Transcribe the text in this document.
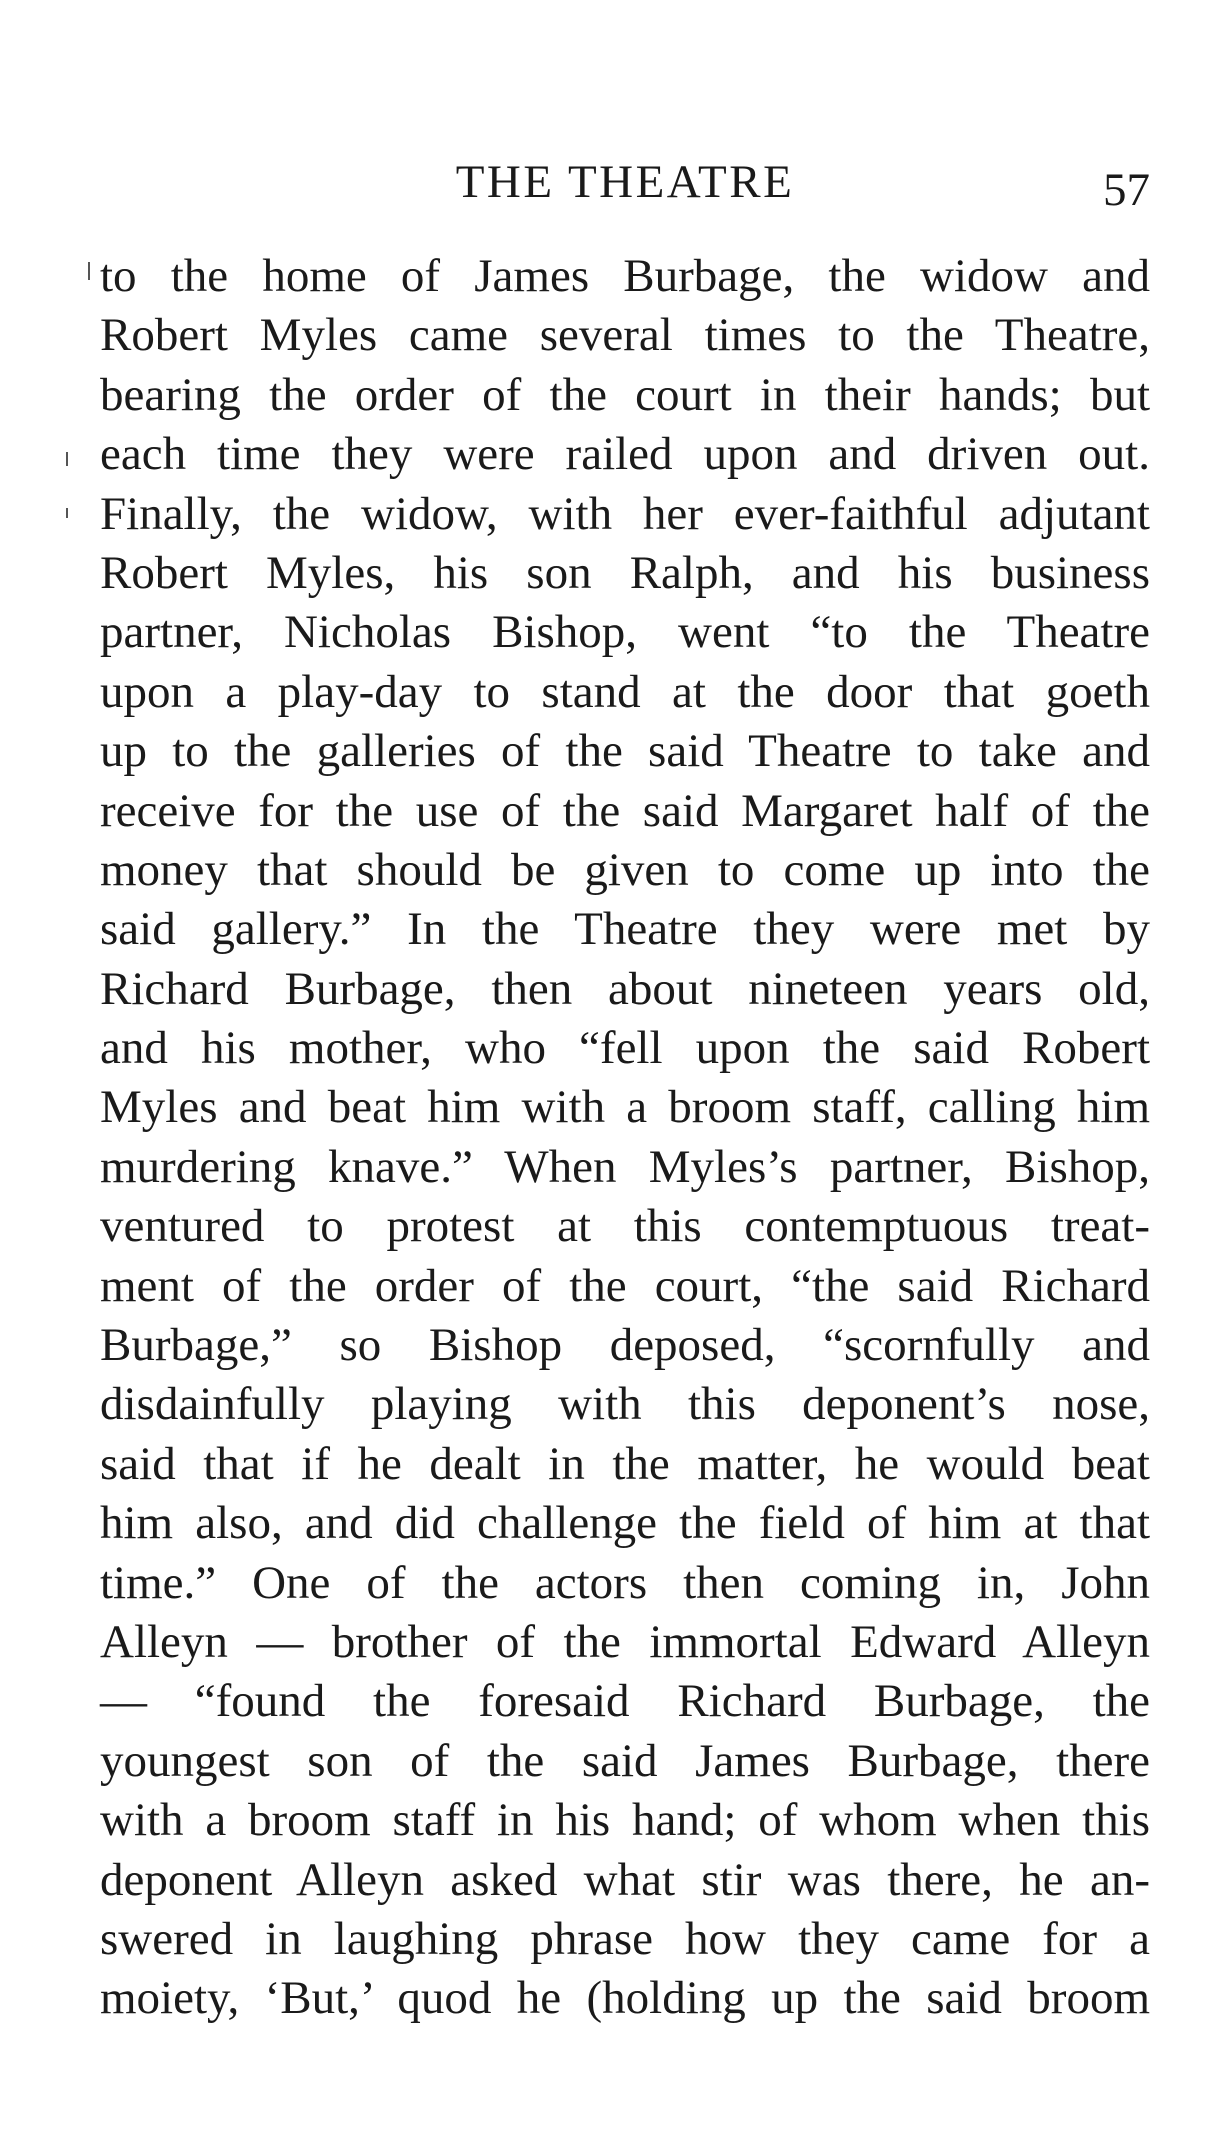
THE THEATRE	57
to the home of James Burbage, the widow and
Robert Myles came several times to the Theatre,
bearing the order of the court in their hands; but
each time they were railed upon and driven out.
Finally, the widow, with her ever-faithful adjutant
Robert Myles, his son Ralph, and his business
partner, Nicholas Bishop, went “to the Theatre
upon a play-day to stand at the door that goeth
up to the galleries of the said Theatre to take and
receive for the use of the said Margaret half of the
money that should be given to come up into the
said gallery.” In the Theatre they were met by
Richard Burbage, then about nineteen years old,
and his mother, who “fell upon the said Robert
Myles and beat him with a broom staff, calling him
murdering knave.” When Myles’s partner, Bishop,
ventured to protest at this contemptuous treat-
ment of the order of the court, “the said Richard
Burbage,” so Bishop deposed, “scornfully and
disdainfully playing with this deponent’s nose,
said that if he dealt in the matter, he would beat
him also, and did challenge the field of him at that
time.” One of the actors then coming in, John
Alleyn — brother of the immortal Edward Alleyn
— “found the foresaid Richard Burbage, the
youngest son of the said James Burbage, there
with a broom staff in his hand; of whom when this
deponent Alleyn asked what stir was there, he an-
swered in laughing phrase how they came for a
moiety, ‘But,’ quod he (holding up the said broom
